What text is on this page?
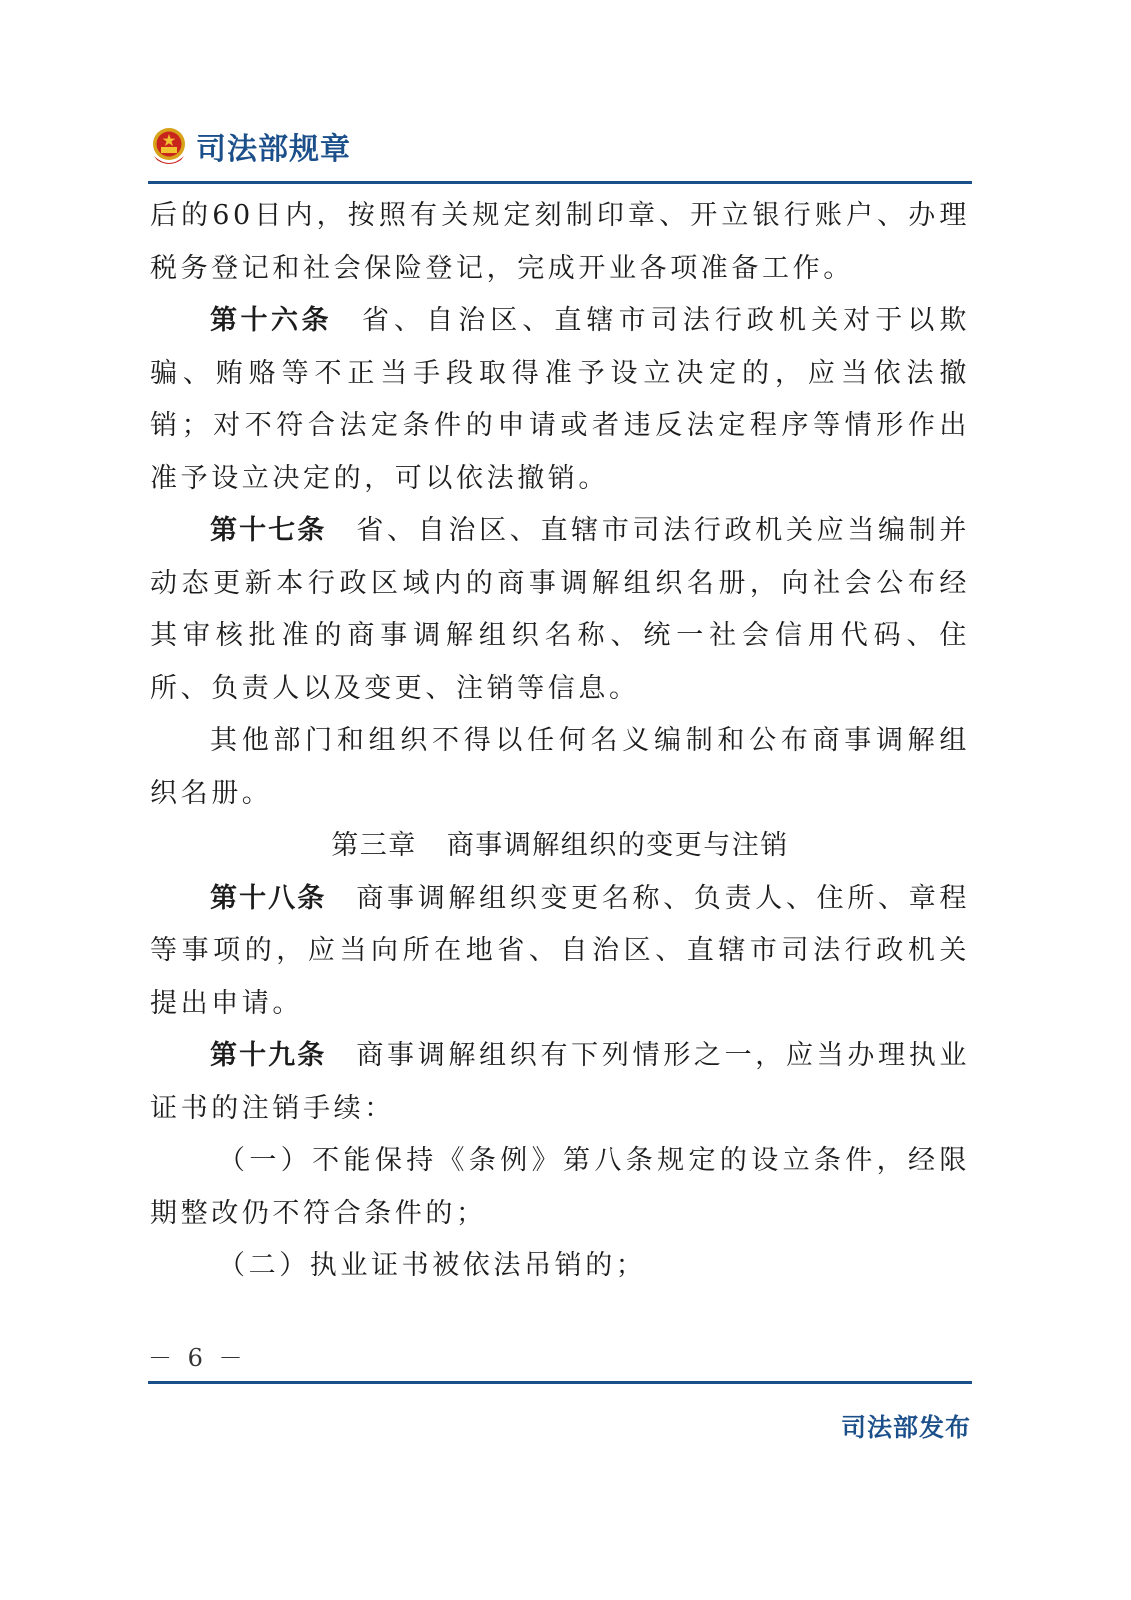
司法部规章

后的60日内，按照有关规定刻制印章、开立银行账户、办理税务登记和社会保险登记，完成开业各项准备工作。

第十六条 省、自治区、直辖市司法行政机关对于以欺骗、贿赂等不正当手段取得准予设立决定的，应当依法撤销；对不符合法定条件的申请或者违反法定程序等情形作出准予设立决定的，可以依法撤销。

第十七条 省、自治区、直辖市司法行政机关应当编制并动态更新本行政区域内的商事调解组织名册，向社会公布经其审核批准的商事调解组织名称、统一社会信用代码、住所、负责人以及变更、注销等信息。

其他部门和组织不得以任何名义编制和公布商事调解组织名册。

第三章 商事调解组织的变更与注销

第十八条 商事调解组织变更名称、负责人、住所、章程等事项的，应当向所在地省、自治区、直辖市司法行政机关提出申请。

第十九条 商事调解组织有下列情形之一，应当办理执业证书的注销手续：

（一）不能保持《条例》第八条规定的设立条件，经限期整改仍不符合条件的；

（二）执业证书被依法吊销的；

－ 6 －
司法部发布
